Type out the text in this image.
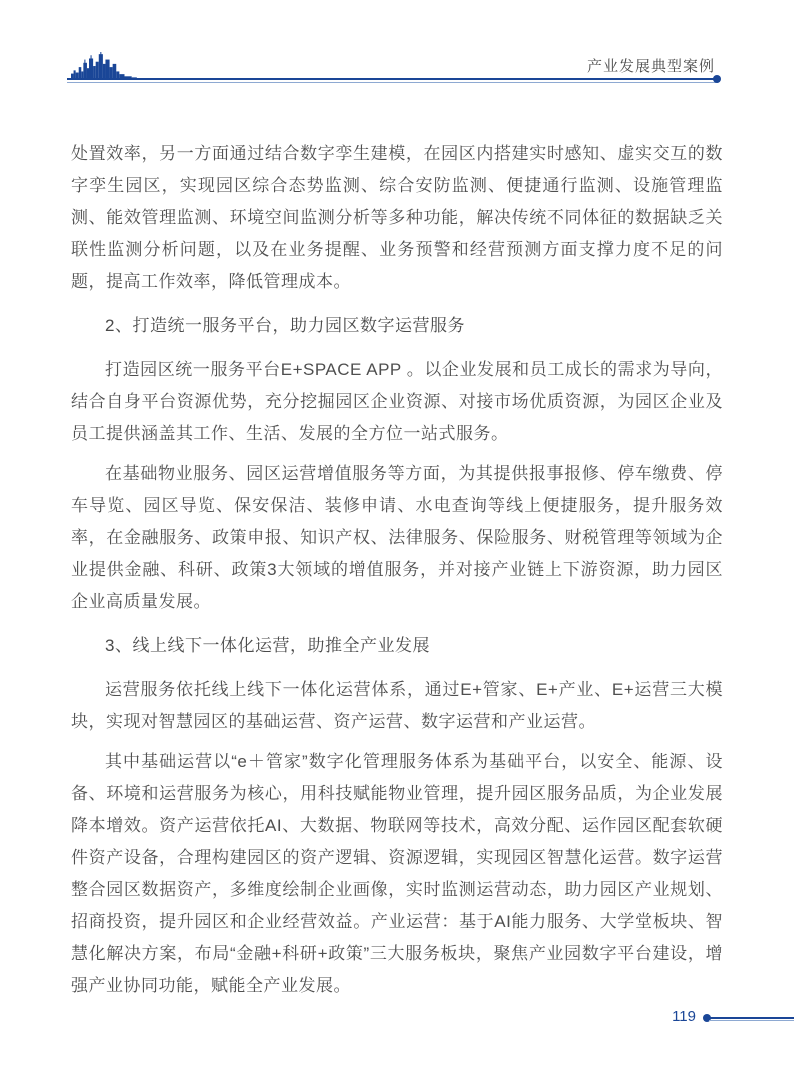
产业发展典型案例

处置效率，另一方面通过结合数字孪生建模，在园区内搭建实时感知、虚实交互的数字孪生园区，实现园区综合态势监测、综合安防监测、便捷通行监测、设施管理监测、能效管理监测、环境空间监测分析等多种功能，解决传统不同体征的数据缺乏关联性监测分析问题，以及在业务提醒、业务预警和经营预测方面支撑力度不足的问题，提高工作效率，降低管理成本。

2、打造统一服务平台，助力园区数字运营服务

打造园区统一服务平台E+SPACE APP 。以企业发展和员工成长的需求为导向，结合自身平台资源优势，充分挖掘园区企业资源、对接市场优质资源，为园区企业及员工提供涵盖其工作、生活、发展的全方位一站式服务。

在基础物业服务、园区运营增值服务等方面，为其提供报事报修、停车缴费、停车导览、园区导览、保安保洁、装修申请、水电查询等线上便捷服务，提升服务效率，在金融服务、政策申报、知识产权、法律服务、保险服务、财税管理等领域为企业提供金融、科研、政策3大领域的增值服务，并对接产业链上下游资源，助力园区企业高质量发展。

3、线上线下一体化运营，助推全产业发展

运营服务依托线上线下一体化运营体系，通过E+管家、E+产业、E+运营三大模块，实现对智慧园区的基础运营、资产运营、数字运营和产业运营。

其中基础运营以“e＋管家”数字化管理服务体系为基础平台，以安全、能源、设备、环境和运营服务为核心，用科技赋能物业管理，提升园区服务品质，为企业发展降本增效。资产运营依托AI、大数据、物联网等技术，高效分配、运作园区配套软硬件资产设备，合理构建园区的资产逻辑、资源逻辑，实现园区智慧化运营。数字运营整合园区数据资产，多维度绘制企业画像，实时监测运营动态，助力园区产业规划、招商投资，提升园区和企业经营效益。产业运营：基于AI能力服务、大学堂板块、智慧化解决方案，布局“金融+科研+政策”三大服务板块，聚焦产业园数字平台建设，增强产业协同功能，赋能全产业发展。

119
